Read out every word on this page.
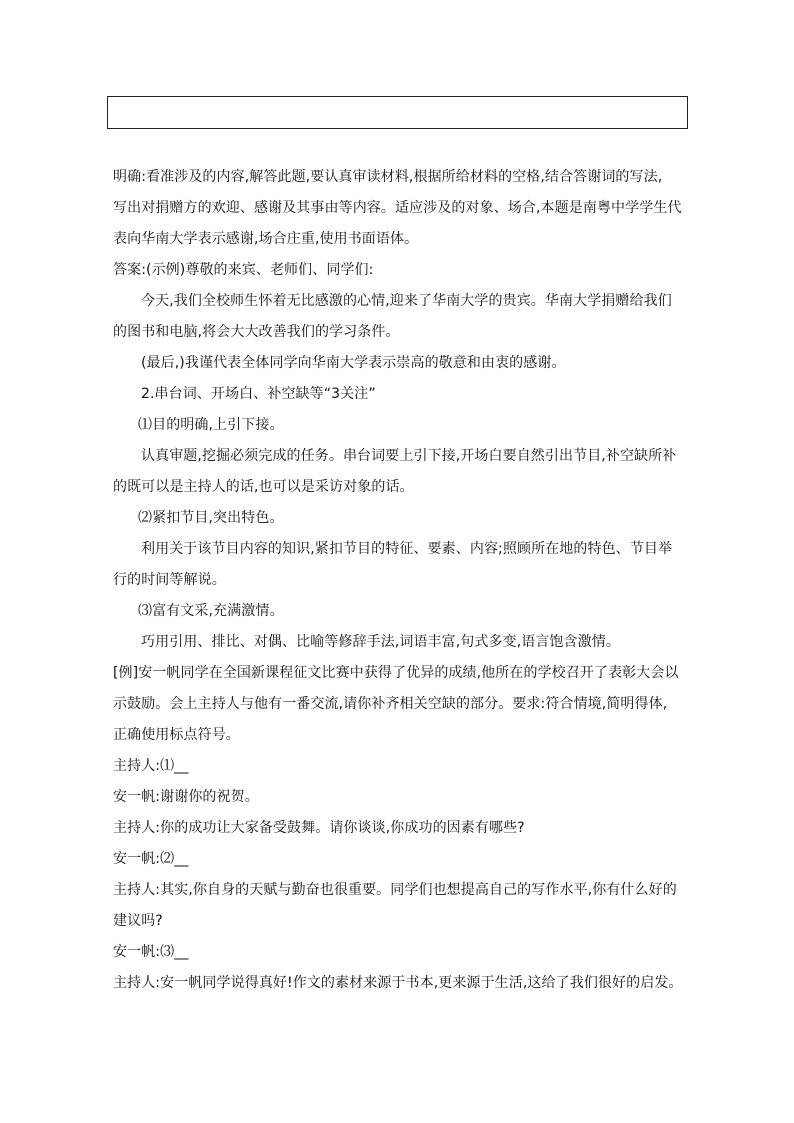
明确:看准涉及的内容,解答此题,要认真审读材料,根据所给材料的空格,结合答谢词的写法,
写出对捐赠方的欢迎、感谢及其事由等内容。适应涉及的对象、场合,本题是南粤中学学生代
表向华南大学表示感谢,场合庄重,使用书面语体。
答案:(示例)尊敬的来宾、老师们、同学们:
今天,我们全校师生怀着无比感激的心情,迎来了华南大学的贵宾。华南大学捐赠给我们
的图书和电脑,将会大大改善我们的学习条件。
(最后,)我谨代表全体同学向华南大学表示崇高的敬意和由衷的感谢。
2.串台词、开场白、补空缺等“3关注”
⑴目的明确,上引下接。
认真审题,挖掘必须完成的任务。串台词要上引下接,开场白要自然引出节目,补空缺所补
的既可以是主持人的话,也可以是采访对象的话。
⑵紧扣节目,突出特色。
利用关于该节目内容的知识,紧扣节目的特征、要素、内容;照顾所在地的特色、节目举
行的时间等解说。
⑶富有文采,充满激情。
巧用引用、排比、对偶、比喻等修辞手法,词语丰富,句式多变,语言饱含激情。
[例]安一帆同学在全国新课程征文比赛中获得了优异的成绩,他所在的学校召开了表彰大会以
示鼓励。会上主持人与他有一番交流,请你补齐相关空缺的部分。要求:符合情境,简明得体,
正确使用标点符号。
主持人:⑴__
安一帆:谢谢你的祝贺。
主持人:你的成功让大家备受鼓舞。请你谈谈,你成功的因素有哪些?
安一帆:⑵__
主持人:其实,你自身的天赋与勤奋也很重要。同学们也想提高自己的写作水平,你有什么好的
建议吗?
安一帆:⑶__
主持人:安一帆同学说得真好!作文的素材来源于书本,更来源于生活,这给了我们很好的启发。
